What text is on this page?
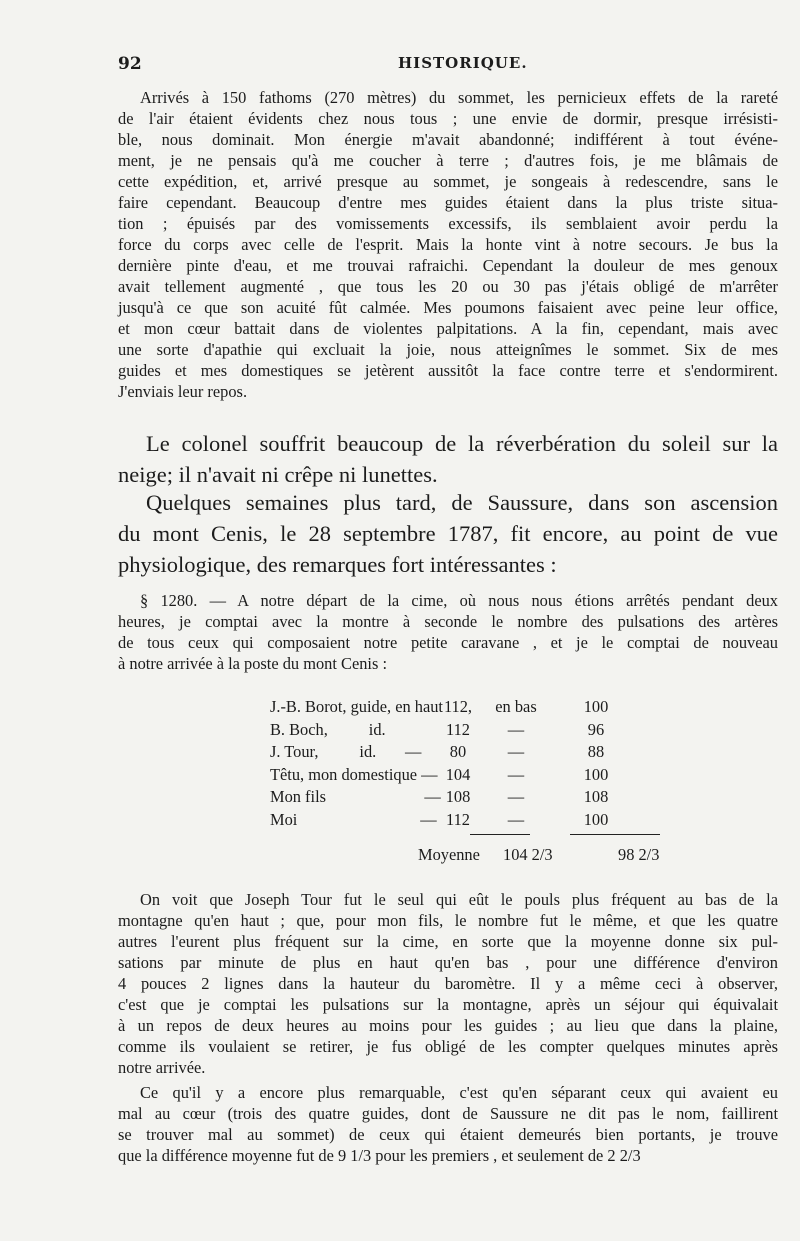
92	HISTORIQUE.
Arrivés à 150 fathoms (270 mètres) du sommet, les pernicieux effets de la rareté
de l'air étaient évidents chez nous tous ; une envie de dormir, presque irrésisti-
ble, nous dominait. Mon énergie m'avait abandonné; indifférent à tout événe-
ment, je ne pensais qu'à me coucher à terre ; d'autres fois, je me blâmais de
cette expédition, et, arrivé presque au sommet, je songeais à redescendre, sans le
faire cependant. Beaucoup d'entre mes guides étaient dans la plus triste situa-
tion ; épuisés par des vomissements excessifs, ils semblaient avoir perdu la
force du corps avec celle de l'esprit. Mais la honte vint à notre secours. Je bus la
dernière pinte d'eau, et me trouvai rafraichi. Cependant la douleur de mes genoux
avait tellement augmenté , que tous les 20 ou 30 pas j'étais obligé de m'arrêter
jusqu'à ce que son acuité fût calmée. Mes poumons faisaient avec peine leur office,
et mon cœur battait dans de violentes palpitations. A la fin, cependant, mais avec
une sorte d'apathie qui excluait la joie, nous atteignîmes le sommet. Six de mes
guides et mes domestiques se jetèrent aussitôt la face contre terre et s'endormirent.
J'enviais leur repos.
Le colonel souffrit beaucoup de la réverbération du soleil sur la
neige; il n'avait ni crêpe ni lunettes.
Quelques semaines plus tard, de Saussure, dans son ascension
du mont Cenis, le 28 septembre 1787, fit encore, au point de vue
physiologique, des remarques fort intéressantes :
§ 1280. — A notre départ de la cime, où nous nous étions arrêtés pendant deux
heures, je comptai avec la montre à seconde le nombre des pulsations des artères
de tous ceux qui composaient notre petite caravane , et je le comptai de nouveau
à notre arrivée à la poste du mont Cenis :
J.-B. Borot, guide, en haut 112,	en bas	100
B. Boch,          id.	112	—	96
J. Tour,          id.       —	80	—	88
Têtu, mon domestique — 104	—	100
Mon fils                        — 108	—	108
Moi                              — 112	—	100
Moyenne 104 2/3	98 2/3
On voit que Joseph Tour fut le seul qui eût le pouls plus fréquent au bas de la
montagne qu'en haut ; que, pour mon fils, le nombre fut le même, et que les quatre
autres l'eurent plus fréquent sur la cime, en sorte que la moyenne donne six pul-
sations par minute de plus en haut qu'en bas , pour une différence d'environ
4 pouces 2 lignes dans la hauteur du baromètre. Il y a même ceci à observer,
c'est que je comptai les pulsations sur la montagne, après un séjour qui équivalait
à un repos de deux heures au moins pour les guides ; au lieu que dans la plaine,
comme ils voulaient se retirer, je fus obligé de les compter quelques minutes après
notre arrivée.
Ce qu'il y a encore plus remarquable, c'est qu'en séparant ceux qui avaient eu
mal au cœur (trois des quatre guides, dont de Saussure ne dit pas le nom, faillirent
se trouver mal au sommet) de ceux qui étaient demeurés bien portants, je trouve
que la différence moyenne fut de 9 1/3 pour les premiers , et seulement de 2 2/3
